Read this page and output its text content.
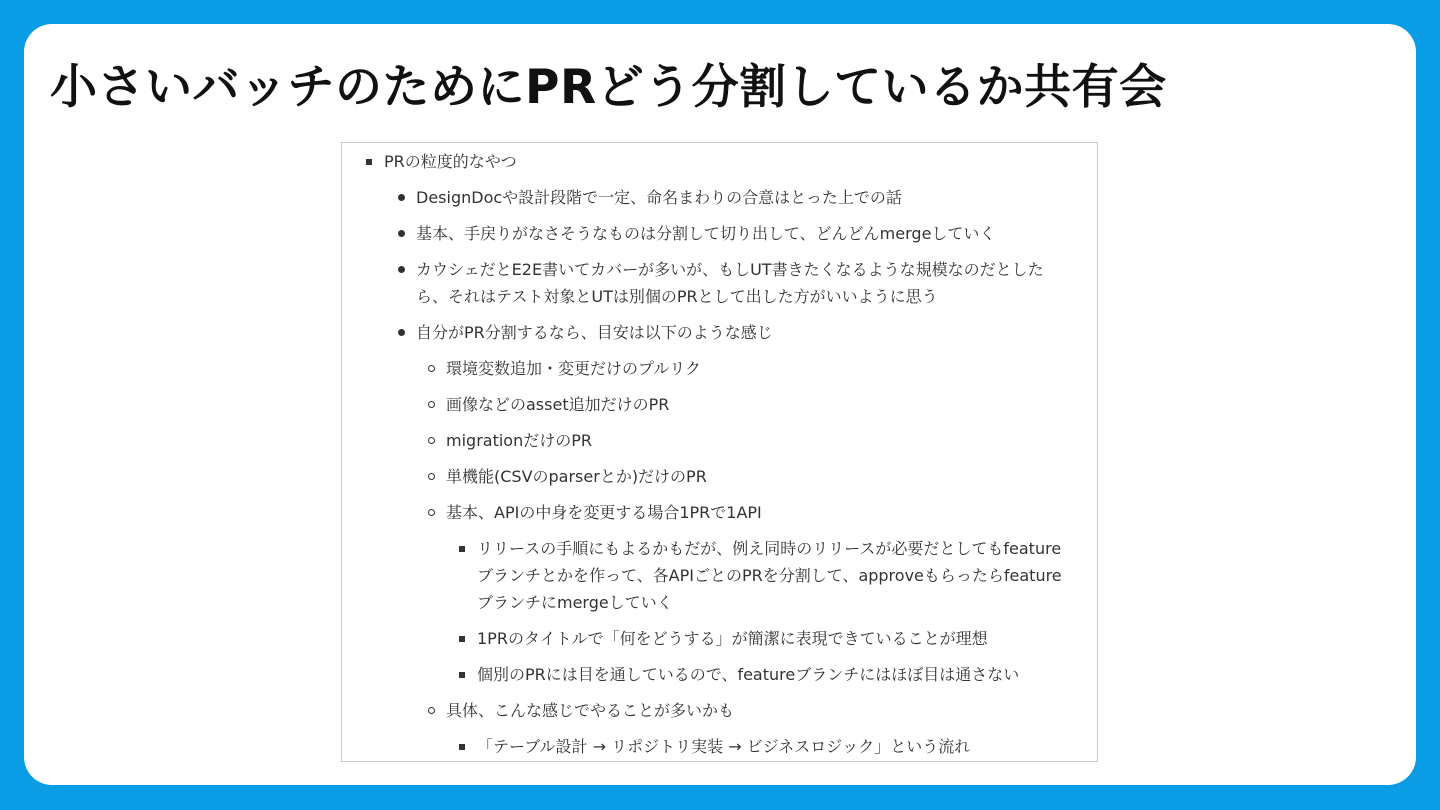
小さいバッチのためにPRどう分割しているか共有会
PRの粒度的なやつ
DesignDocや設計段階で一定、命名まわりの合意はとった上での話
基本、手戻りがなさそうなものは分割して切り出して、どんどんmergeしていく
カウシェだとE2E書いてカバーが多いが、もしUT書きたくなるような規模なのだとしたら、それはテスト対象とUTは別個のPRとして出した方がいいように思う
自分がPR分割するなら、目安は以下のような感じ
環境変数追加・変更だけのプルリク
画像などのasset追加だけのPR
migrationだけのPR
単機能(CSVのparserとか)だけのPR
基本、APIの中身を変更する場合1PRで1API
リリースの手順にもよるかもだが、例え同時のリリースが必要だとしてもfeatureブランチとかを作って、各APIごとのPRを分割して、approveもらったらfeatureブランチにmergeしていく
1PRのタイトルで「何をどうする」が簡潔に表現できていることが理想
個別のPRには目を通しているので、featureブランチにはほぼ目は通さない
具体、こんな感じでやることが多いかも
「テーブル設計 → リポジトリ実装 → ビジネスロジック」という流れ
